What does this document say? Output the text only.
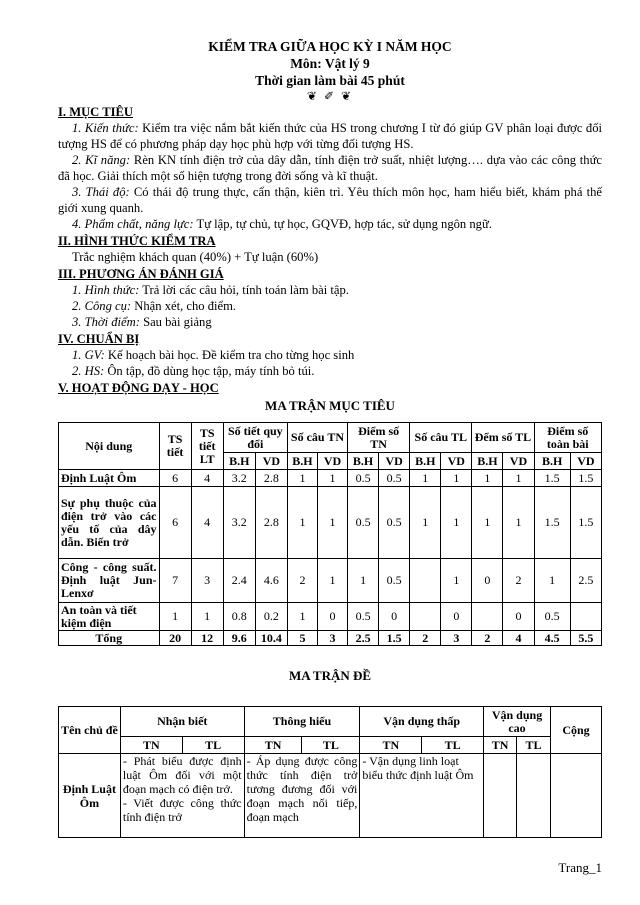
KIỂM TRA GIỮA HỌC KỲ I NĂM HỌC
Môn: Vật lý 9
Thời gian làm bài 45 phút
❦ ✐ ❦
I. MỤC TIÊU
1. Kiến thức: Kiểm tra việc nắm bắt kiến thức của HS trong chương I từ đó giúp GV phân loại được đối tượng HS để có phương pháp dạy học phù hợp với từng đối tượng HS.
2. Kĩ năng: Rèn KN tính điện trở của dây dẫn, tính điện trở suất, nhiệt lượng…. dựa vào các công thức đã học. Giải thích một số hiện tượng trong đời sống và kĩ thuật.
3. Thái độ: Có thái độ trung thực, cẩn thận, kiên trì. Yêu thích môn học, ham hiểu biết, khám phá thế giới xung quanh.
4. Phẩm chất, năng lực: Tự lập, tự chủ, tự học, GQVĐ, hợp tác, sử dụng ngôn ngữ.
II. HÌNH THỨC KIỂM TRA
Trắc nghiệm khách quan (40%) + Tự luận (60%)
III. PHƯƠNG ÁN ĐÁNH GIÁ
1. Hình thức: Trả lời các câu hỏi, tính toán làm bài tập.
2. Công cụ: Nhận xét, cho điểm.
3. Thời điểm: Sau bài giảng
IV. CHUẨN BỊ
1. GV: Kế hoạch bài học. Đề kiểm tra cho từng học sinh
2. HS: Ôn tập, đồ dùng học tập, máy tính bỏ túi.
V. HOẠT ĐỘNG DẠY - HỌC
MA TRẬN MỤC TIÊU
Nội dung	TS tiết	TS tiết LT	Số tiết quy đổi		Số câu TN		Điểm số TN		Số câu TL		Đểm số TL		Điểm số toàn bài	
			B.H	VD	B.H	VD	B.H	VD	B.H	VD	B.H	VD	B.H	VD
Định Luật Ôm	6	4	3.2	2.8	1	1	0.5	0.5	1	1	1	1	1.5	1.5
Sự phụ thuộc của điện trở vào các yếu tố của dây dẫn. Biến trở	6	4	3.2	2.8	1	1	0.5	0.5	1	1	1	1	1.5	1.5
Công - công suất. Định luật Jun-Lenxơ	7	3	2.4	4.6	2	1	1	0.5		1	0	2	1	2.5
An toàn và tiết kiệm điện	1	1	0.8	0.2	1	0	0.5	0		0		0	0.5	
Tổng	20	12	9.6	10.4	5	3	2.5	1.5	2	3	2	4	4.5	5.5
MA TRẬN ĐỀ
Tên chủ đề	Nhận biết		Thông hiểu		Vận dụng thấp		Vận dụng cao		Cộng
	TN	TL	TN	TL	TN	TL	TN	TL	
Định Luật Ôm	- Phát biểu được định luật Ôm đối với một đoạn mạch có điện trở.
- Viết được công thức tính điện trở		- Áp dụng được công thức tính điện trở tương đương đối với đoạn mạch nối tiếp, đoạn mạch		- Vận dụng linh loạt biểu thức định luật Ôm				
Trang_1
